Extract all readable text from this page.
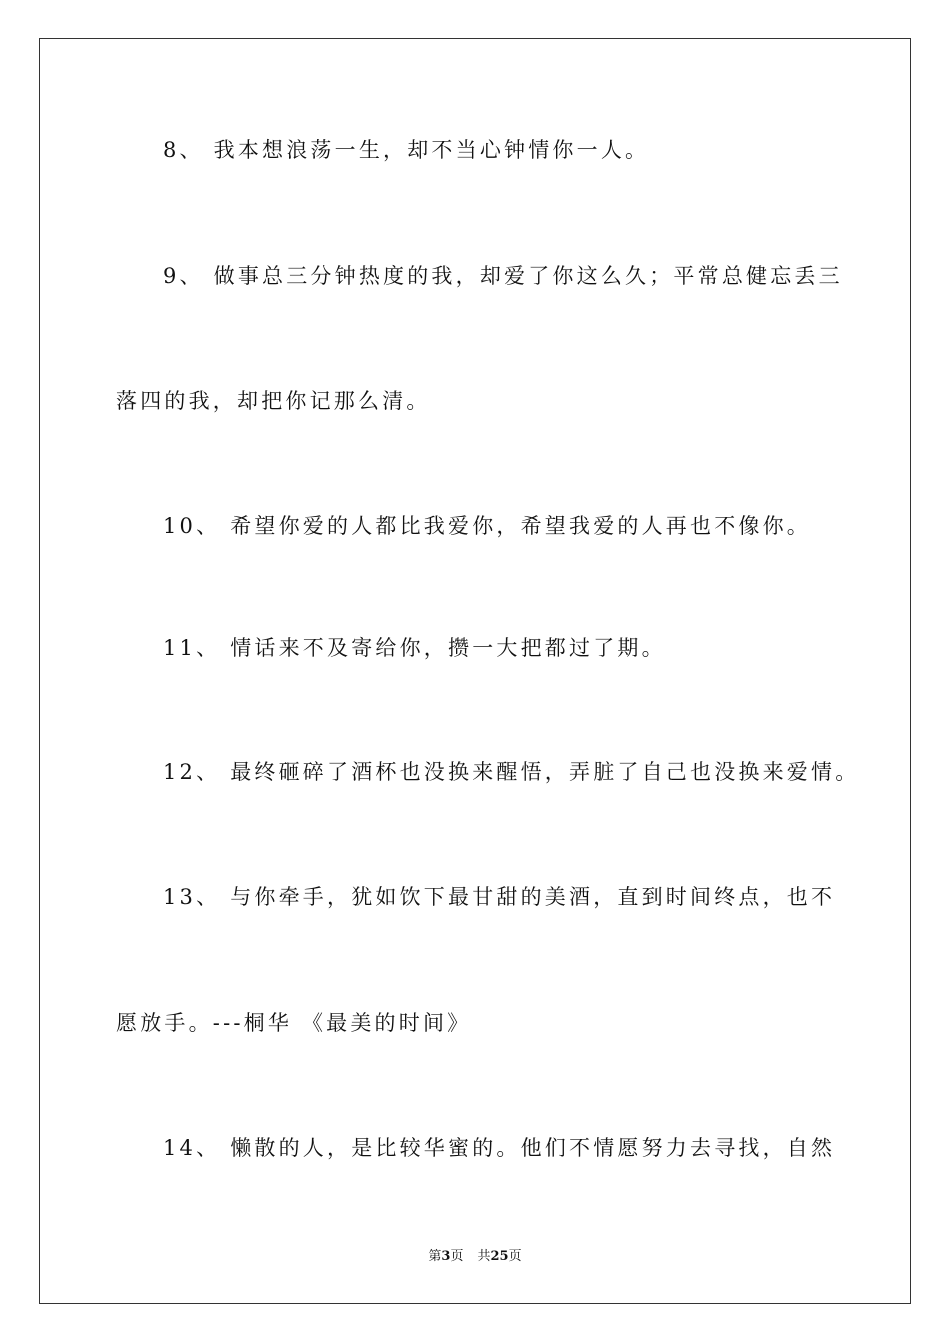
8、 我本想浪荡一生，却不当心钟情你一人。
9、 做事总三分钟热度的我，却爱了你这么久；平常总健忘丢三
落四的我，却把你记那么清。
10、 希望你爱的人都比我爱你，希望我爱的人再也不像你。
11、 情话来不及寄给你，攒一大把都过了期。
12、 最终砸碎了酒杯也没换来醒悟，弄脏了自己也没换来爱情。
13、 与你牵手，犹如饮下最甘甜的美酒，直到时间终点，也不
愿放手。---桐华 《最美的时间》
14、 懒散的人，是比较华蜜的。他们不情愿努力去寻找，自然
第3页 共25页
